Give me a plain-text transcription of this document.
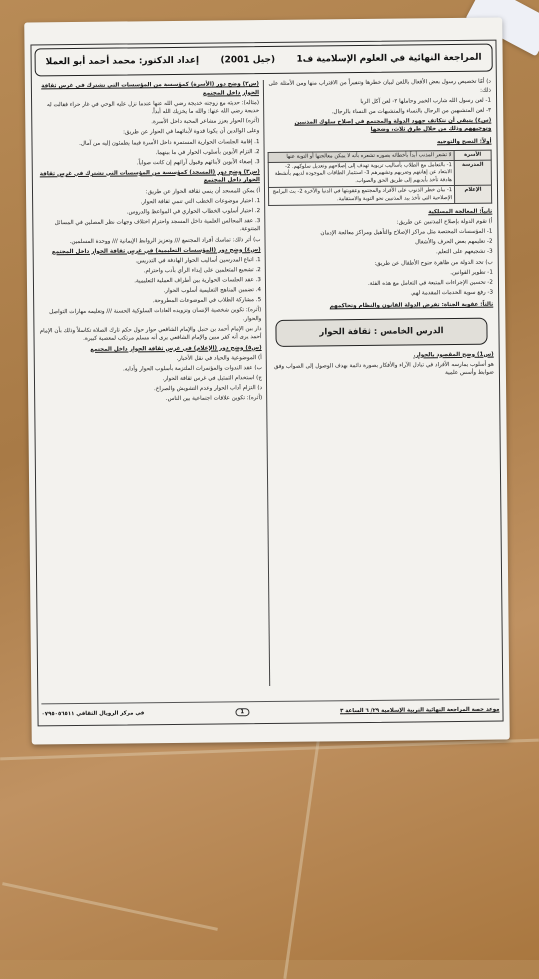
المراجعة النهائية في العلوم الإسلامية ف1
(جيل 2001)
إعداد الدكتور: محمد أحمد أبو العملا

د) أمّا تخصيص رسول بعض الأفعال باللعن لبيان خطرها وتنفيراً من الاقتراب منها ومن الأمثلة على ذلك:

1- لعن رسول الله شارب الخمر وحاملها ۲- لعن آكل الربا

۳- لعن المتشبهين من الرجال بالنساء والمتشبهات من النساء بالرجال.

(س٤) يتبقى أن نتكاتف جهود الدولة والمجتمع في إصلاح سلوك المذنبين وتوجيههم وذلك من خلال طرق ثلاث، وضحها

أولاً: النصح والتوجيه

الأسرة	لا تشعر المذنب أبداً بأخطائه بصوره تشعره بأنه لا يمكن معالجتها أو التوبة عنها
المدرسة	1- بالتعامل مع الطلاب بأساليب تربوية تهدف إلى إصلاحهم وتعديل سلوكهم. 2- الابتعاد عن إهانتهم وضربهم وتشهيرهم 3- استثمار الطاقات الموجودة لديهم بأنشطة هادفة تأخذ بأيديهم إلى طريق الحق والصواب.
الإعلام	1- بيان خطر الذنوب على الأفراد والمجتمع وعقوبتها في الدنيا والآخرة 2- بث البرامج الإصلاحية التي تأخذ بيد المذنبين نحو التوبة والاستقامة.

ثانياً: المعالجة المسلكية

أ) تقوم الدولة بإصلاح المذنبين عن طريق:

1- المؤسسات المختصة مثل مراكز الإصلاح والتأهيل ومراكز معالجة الإدمان

2- تعليمهم بعض الحرف والأشغال

3- تشجيعهم على التعلم.

ب) تحد الدولة من ظاهرة جنوح الأطفال عن طريق:

1- تطوير القوانين.

2- تحسين الإجراءات المتبعة في التعامل مع هذه الفئة.

3- رفع سوية الخدمات المقدمة لهم.

ثالثاً: عقوبة الجناة: تفرض الدولة القانون والنظام وتحاكمهم

الدرس الخامس : ثقافة الحوار

(س1) وضح المقصود بالحوار.

هو أسلوب يمارسه الأفراد في تبادل الآراء والأفكار بصورة دائمة بهدف الوصول إلى الصواب وفق ضوابط وأسس علمية

(س٢) وضح دور (الأسرة) كمؤسسة من المؤسسات التي تشترك في غرس ثقافة الحوار داخل المجتمع

(مثاله): حديثه مع زوجته خديجة رضي الله عنها عندما نزل عليه الوحي في غار حراء فقالت له خديجة رضي الله عنها: والله ما يخزيك الله أبداً.

(أثره) الحوار يعزز مشاعر المحبة داخل الأسرة.

وعلى الوالدين أن يكونا قدوة لأبنائهما في الحوار عن طريق:

1. إقامة الجلسات الحوارية المستمرة داخل الأسرة فيما يطمئون إليه من آمال.

2. التزام الأبوين بأسلوب الحوار في ما بينهما.

3. إصغاء الأبوين لأبنائهم وقبول آرائهم إن كانت صواباً.

(س٣) وضح دور (المسجد) كمؤسسة من المؤسسات التي تشترك في غرس ثقافة الحوار داخل المجتمع

أ) يمكن للمسجد أن ينمي ثقافة الحوار عن طريق:

1. اختيار موضوعات الخطب التي تنمي ثقافة الحوار.

2. اختيار أسلوب الخطاب الحواري في المواعظ والدروس.

3. عقد المجالس العلمية داخل المسجد واحترام اختلاف وجهات نظر المصلين في المسائل المتنوعة.

ب) أثر ذلك: تماسك أفراد المجتمع /// وتعزيز الروابط الإيمانية /// ووحدة المسلمين.

(س٤) وضح دور (المؤسسات التعليمية) في غرس ثقافة الحوار داخل المجتمع

1. اتباع المدرسين أساليب الحوار الهادفة في التدريس.

2. تشجيع المتعلمين على إبداء الرأي بأدب واحترام.

3. عقد الجلسات الحوارية بين أطراف العملية التعليمية.

4. تضمين المناهج التعليمية أسلوب الحوار.

5. مشاركة الطلاب في الموضوعات المطروحة.

(أثره): تكوين شخصية الإنسان وتزويده العادات السلوكية الحسنة /// وتعليمه مهارات التواصل والحوار.

دار بين الإمام أحمد بن حنبل والإمام الشافعي حوار حول حكم تارك الصلاة تكاسلاً وذلك بأن الإمام أحمد يرى أنه كفر مبين والإمام الشافعي يرى أنه مسلم مرتكب لمعصية كبيرة.

(س٥) وضح دور (الإعلام) في غرس ثقافة الحوار داخل المجتمع

أ) الموضوعية والحياد في نقل الأخبار.

ب) عقد الندوات والمؤتمرات الملتزمة بأسلوب الحوار وأدابه.

ج) استخدام التمثيل في غرس ثقافة الحوار.

د) التزام آداب الحوار وعدم التشويش والصراخ.

(أثره): تكوين علاقات اجتماعية بين الناس.

موعد حصة المراجعة النهائية التربية الإسلامية ٢٩/ ٦ الساعة ٣
1
في مركز الرويال الثقافي ٠٧٩٥٠٥٦٥١١
